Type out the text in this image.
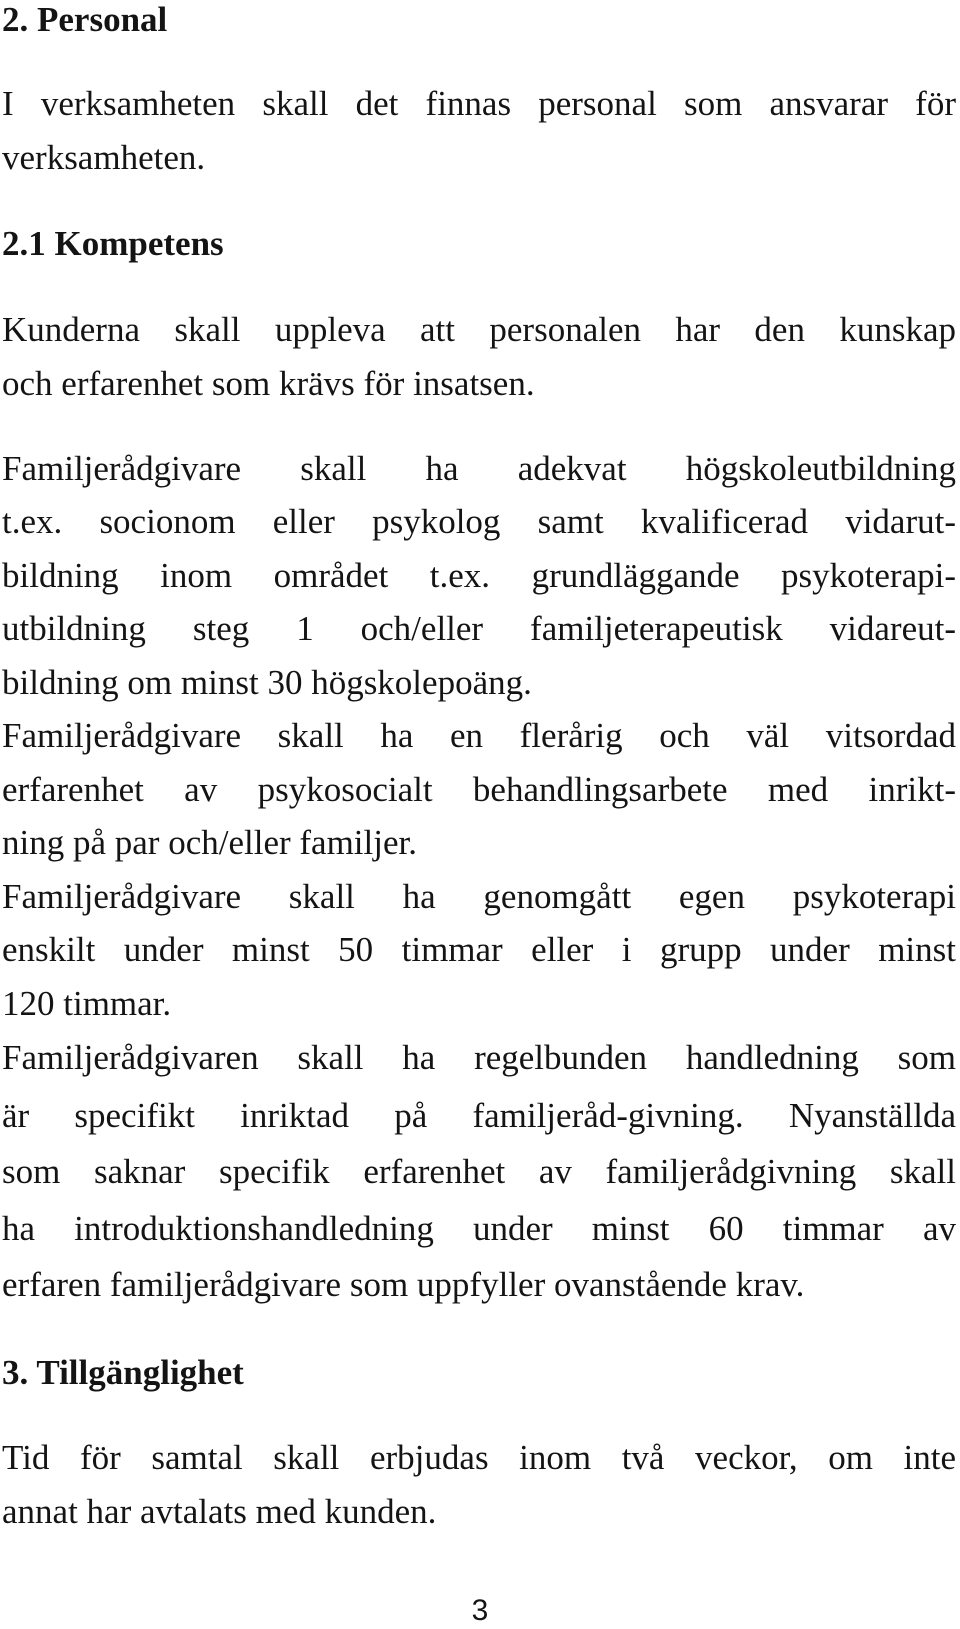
2. Personal

I verksamheten skall det finnas personal som ansvarar för

verksamheten.

2.1 Kompetens

Kunderna skall uppleva att personalen har den kunskap

och erfarenhet som krävs för insatsen.

Familjerådgivare skall ha adekvat högskoleutbildning

t.ex. socionom eller psykolog samt kvalificerad vidarut-

bildning inom området t.ex. grundläggande psykoterapi-

utbildning steg 1 och/eller familjeterapeutisk vidareut-

bildning om minst 30 högskolepoäng.

Familjerådgivare skall ha en flerårig och väl vitsordad

erfarenhet av psykosocialt behandlingsarbete med inrikt-

ning på par och/eller familjer.

Familjerådgivare skall ha genomgått egen psykoterapi

enskilt under minst 50 timmar eller i grupp under minst

120 timmar.

Familjerådgivaren skall ha regelbunden handledning som

är specifikt inriktad på familjeråd-givning. Nyanställda

som saknar specifik erfarenhet av familjerådgivning skall

ha introduktionshandledning under minst 60 timmar av

erfaren familjerådgivare som uppfyller ovanstående krav.

3. Tillgänglighet

Tid för samtal skall erbjudas inom två veckor, om inte

annat har avtalats med kunden.

3
